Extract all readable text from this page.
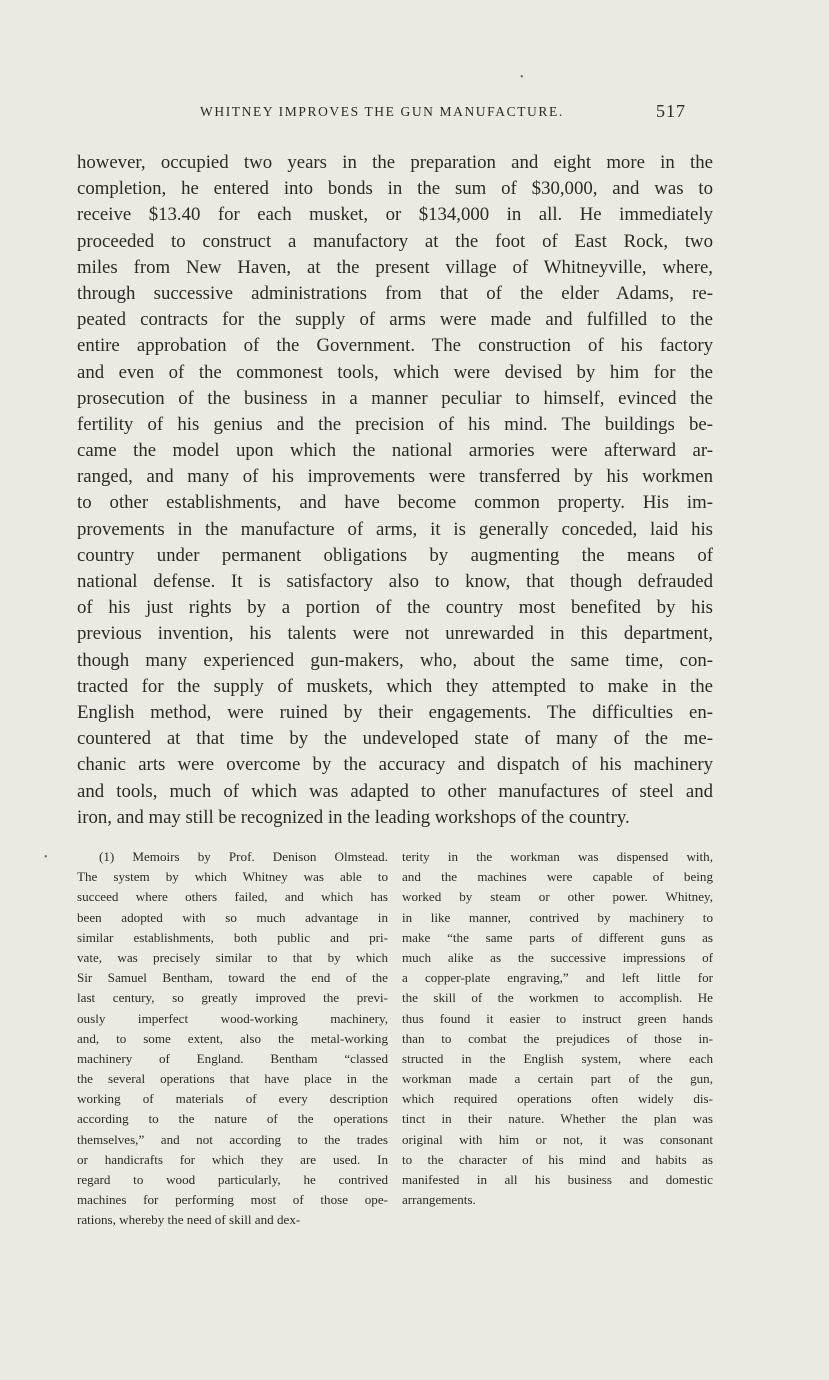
WHITNEY IMPROVES THE GUN MANUFACTURE.	517
however, occupied two years in the preparation and eight more in the
completion, he entered into bonds in the sum of $30,000, and was to
receive $13.40 for each musket, or $134,000 in all. He immediately
proceeded to construct a manufactory at the foot of East Rock, two
miles from New Haven, at the present village of Whitneyville, where,
through successive administrations from that of the elder Adams, re-
peated contracts for the supply of arms were made and fulfilled to the
entire approbation of the Government. The construction of his factory
and even of the commonest tools, which were devised by him for the
prosecution of the business in a manner peculiar to himself, evinced the
fertility of his genius and the precision of his mind. The buildings be-
came the model upon which the national armories were afterward ar-
ranged, and many of his improvements were transferred by his workmen
to other establishments, and have become common property. His im-
provements in the manufacture of arms, it is generally conceded, laid his
country under permanent obligations by augmenting the means of
national defense. It is satisfactory also to know, that though defrauded
of his just rights by a portion of the country most benefited by his
previous invention, his talents were not unrewarded in this department,
though many experienced gun-makers, who, about the same time, con-
tracted for the supply of muskets, which they attempted to make in the
English method, were ruined by their engagements. The difficulties en-
countered at that time by the undeveloped state of many of the me-
chanic arts were overcome by the accuracy and dispatch of his machinery
and tools, much of which was adapted to other manufactures of steel and
iron, and may still be recognized in the leading workshops of the country.
(1) Memoirs by Prof. Denison Olmstead.
The system by which Whitney was able to
succeed where others failed, and which has
been adopted with so much advantage in
similar establishments, both public and pri-
vate, was precisely similar to that by which
Sir Samuel Bentham, toward the end of the
last century, so greatly improved the previ-
ously imperfect wood-working machinery,
and, to some extent, also the metal-working
machinery of England. Bentham “classed
the several operations that have place in the
working of materials of every description
according to the nature of the operations
themselves,” and not according to the trades
or handicrafts for which they are used. In
regard to wood particularly, he contrived
machines for performing most of those ope-
rations, whereby the need of skill and dex-
terity in the workman was dispensed with,
and the machines were capable of being
worked by steam or other power. Whitney,
in like manner, contrived by machinery to
make “the same parts of different guns as
much alike as the successive impressions of
a copper-plate engraving,” and left little for
the skill of the workmen to accomplish. He
thus found it easier to instruct green hands
than to combat the prejudices of those in-
structed in the English system, where each
workman made a certain part of the gun,
which required operations often widely dis-
tinct in their nature. Whether the plan was
original with him or not, it was consonant
to the character of his mind and habits as
manifested in all his business and domestic
arrangements.
•
•
